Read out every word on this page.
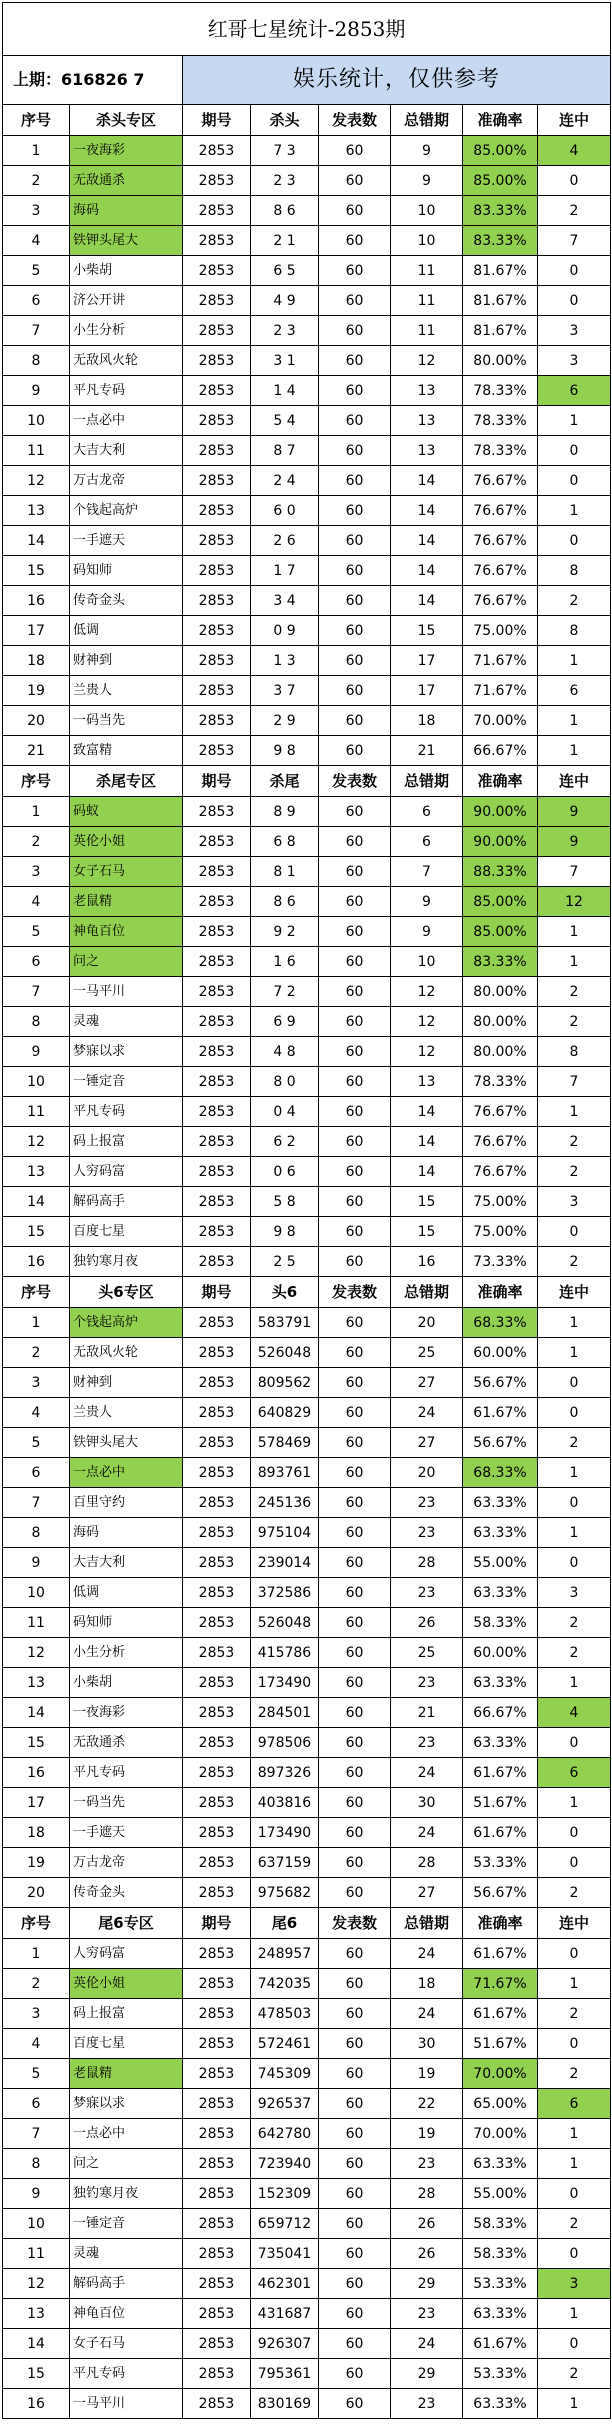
红哥七星统计-2853期							
上期：616826 7		娱乐统计，仅供参考					
序号	杀头专区	期号	杀头	发表数	总错期	准确率	连中
1	一夜海彩	2853	7 3	60	9	85.00%	4
2	无敌通杀	2853	2 3	60	9	85.00%	0
3	海码	2853	8 6	60	10	83.33%	2
4	铁钾头尾大	2853	2 1	60	10	83.33%	7
5	小柴胡	2853	6 5	60	11	81.67%	0
6	济公开讲	2853	4 9	60	11	81.67%	0
7	小生分析	2853	2 3	60	11	81.67%	3
8	无敌风火轮	2853	3 1	60	12	80.00%	3
9	平凡专码	2853	1 4	60	13	78.33%	6
10	一点必中	2853	5 4	60	13	78.33%	1
11	大吉大利	2853	8 7	60	13	78.33%	0
12	万古龙帝	2853	2 4	60	14	76.67%	0
13	个钱起高炉	2853	6 0	60	14	76.67%	1
14	一手遮天	2853	2 6	60	14	76.67%	0
15	码知师	2853	1 7	60	14	76.67%	8
16	传奇金头	2853	3 4	60	14	76.67%	2
17	低调	2853	0 9	60	15	75.00%	8
18	财神到	2853	1 3	60	17	71.67%	1
19	兰贵人	2853	3 7	60	17	71.67%	6
20	一码当先	2853	2 9	60	18	70.00%	1
21	致富精	2853	9 8	60	21	66.67%	1
序号	杀尾专区	期号	杀尾	发表数	总错期	准确率	连中
1	码蚁	2853	8 9	60	6	90.00%	9
2	英伦小姐	2853	6 8	60	6	90.00%	9
3	女子石马	2853	8 1	60	7	88.33%	7
4	老鼠精	2853	8 6	60	9	85.00%	12
5	神龟百位	2853	9 2	60	9	85.00%	1
6	问之	2853	1 6	60	10	83.33%	1
7	一马平川	2853	7 2	60	12	80.00%	2
8	灵魂	2853	6 9	60	12	80.00%	2
9	梦寐以求	2853	4 8	60	12	80.00%	8
10	一锤定音	2853	8 0	60	13	78.33%	7
11	平凡专码	2853	0 4	60	14	76.67%	1
12	码上报富	2853	6 2	60	14	76.67%	2
13	人穷码富	2853	0 6	60	14	76.67%	2
14	解码高手	2853	5 8	60	15	75.00%	3
15	百度七星	2853	9 8	60	15	75.00%	0
16	独钓寒月夜	2853	2 5	60	16	73.33%	2
序号	头6专区	期号	头6	发表数	总错期	准确率	连中
1	个钱起高炉	2853	583791	60	20	68.33%	1
2	无敌风火轮	2853	526048	60	25	60.00%	1
3	财神到	2853	809562	60	27	56.67%	0
4	兰贵人	2853	640829	60	24	61.67%	0
5	铁钾头尾大	2853	578469	60	27	56.67%	2
6	一点必中	2853	893761	60	20	68.33%	1
7	百里守约	2853	245136	60	23	63.33%	0
8	海码	2853	975104	60	23	63.33%	1
9	大吉大利	2853	239014	60	28	55.00%	0
10	低调	2853	372586	60	23	63.33%	3
11	码知师	2853	526048	60	26	58.33%	2
12	小生分析	2853	415786	60	25	60.00%	2
13	小柴胡	2853	173490	60	23	63.33%	1
14	一夜海彩	2853	284501	60	21	66.67%	4
15	无敌通杀	2853	978506	60	23	63.33%	0
16	平凡专码	2853	897326	60	24	61.67%	6
17	一码当先	2853	403816	60	30	51.67%	1
18	一手遮天	2853	173490	60	24	61.67%	0
19	万古龙帝	2853	637159	60	28	53.33%	0
20	传奇金头	2853	975682	60	27	56.67%	2
序号	尾6专区	期号	尾6	发表数	总错期	准确率	连中
1	人穷码富	2853	248957	60	24	61.67%	0
2	英伦小姐	2853	742035	60	18	71.67%	1
3	码上报富	2853	478503	60	24	61.67%	2
4	百度七星	2853	572461	60	30	51.67%	0
5	老鼠精	2853	745309	60	19	70.00%	2
6	梦寐以求	2853	926537	60	22	65.00%	6
7	一点必中	2853	642780	60	19	70.00%	1
8	问之	2853	723940	60	23	63.33%	1
9	独钓寒月夜	2853	152309	60	28	55.00%	0
10	一锤定音	2853	659712	60	26	58.33%	2
11	灵魂	2853	735041	60	26	58.33%	0
12	解码高手	2853	462301	60	29	53.33%	3
13	神龟百位	2853	431687	60	23	63.33%	1
14	女子石马	2853	926307	60	24	61.67%	0
15	平凡专码	2853	795361	60	29	53.33%	2
16	一马平川	2853	830169	60	23	63.33%	1
